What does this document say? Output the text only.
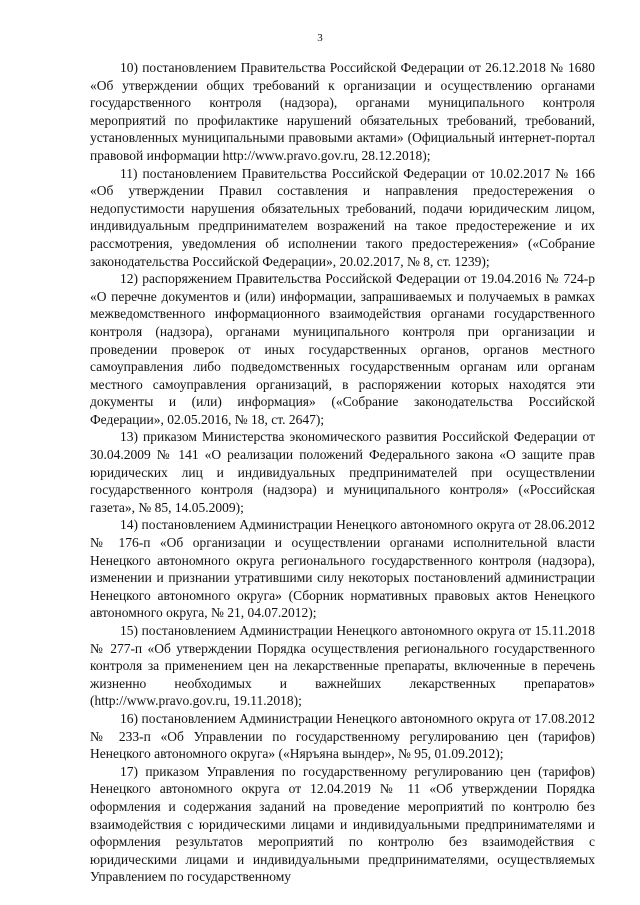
3

10) постановлением Правительства Российской Федерации от 26.12.2018 № 1680 «Об утверждении общих требований к организации и осуществлению органами государственного контроля (надзора), органами муниципального контроля мероприятий по профилактике нарушений обязательных требований, требований, установленных муниципальными правовыми актами» (Официальный интернет-портал правовой информации http://www.pravo.gov.ru, 28.12.2018);

11) постановлением Правительства Российской Федерации от 10.02.2017 № 166 «Об утверждении Правил составления и направления предостережения о недопустимости нарушения обязательных требований, подачи юридическим лицом, индивидуальным предпринимателем возражений на такое предостережение и их рассмотрения, уведомления об исполнении такого предостережения» («Собрание законодательства Российской Федерации», 20.02.2017, № 8, ст. 1239);

12) распоряжением Правительства Российской Федерации от 19.04.2016 № 724-р «О перечне документов и (или) информации, запрашиваемых и получаемых в рамках межведомственного информационного взаимодействия органами государственного контроля (надзора), органами муниципального контроля при организации и проведении проверок от иных государственных органов, органов местного самоуправления либо подведомственных государственным органам или органам местного самоуправления организаций, в распоряжении которых находятся эти документы и (или) информация» («Собрание законодательства Российской Федерации», 02.05.2016, № 18, ст. 2647);

13) приказом Министерства экономического развития Российской Федерации от 30.04.2009 № 141 «О реализации положений Федерального закона «О защите прав юридических лиц и индивидуальных предпринимателей при осуществлении государственного контроля (надзора) и муниципального контроля» («Российская газета», № 85, 14.05.2009);

14) постановлением Администрации Ненецкого автономного округа от 28.06.2012 № 176-п «Об организации и осуществлении органами исполнительной власти Ненецкого автономного округа регионального государственного контроля (надзора), изменении и признании утратившими силу некоторых постановлений администрации Ненецкого автономного округа» (Сборник нормативных правовых актов Ненецкого автономного округа, № 21, 04.07.2012);

15) постановлением Администрации Ненецкого автономного округа от 15.11.2018 № 277-п «Об утверждении Порядка осуществления регионального государственного контроля за применением цен на лекарственные препараты, включенные в перечень жизненно необходимых и важнейших лекарственных препаратов» (http://www.pravo.gov.ru, 19.11.2018);

16) постановлением Администрации Ненецкого автономного округа от 17.08.2012 № 233-п «Об Управлении по государственному регулированию цен (тарифов) Ненецкого автономного округа» («Няръяна вындер», № 95, 01.09.2012);

17) приказом Управления по государственному регулированию цен (тарифов) Ненецкого автономного округа от 12.04.2019 № 11 «Об утверждении Порядка оформления и содержания заданий на проведение мероприятий по контролю без взаимодействия с юридическими лицами и индивидуальными предпринимателями и оформления результатов мероприятий по контролю без взаимодействия с юридическими лицами и индивидуальными предпринимателями, осуществляемых Управлением по государственному
